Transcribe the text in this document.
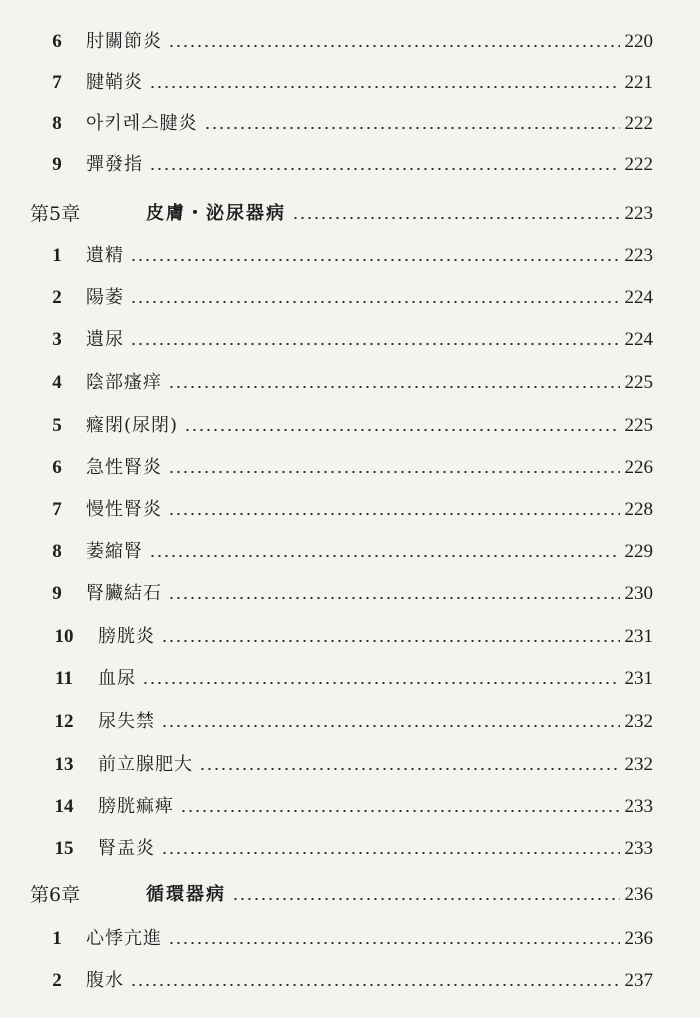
6	肘關節炎	220
7	腱鞘炎	221
8	아키레스腱炎	222
9	彈發指	222
第5章	皮膚・泌尿器病	223
1	遺精	223
2	陽萎	224
3	遺尿	224
4	陰部瘙痒	225
5	癃閉(尿閉)	225
6	急性腎炎	226
7	慢性腎炎	228
8	萎縮腎	229
9	腎臟結石	230
10	膀胱炎	231
11	血尿	231
12	尿失禁	232
13	前立腺肥大	232
14	膀胱痲痺	233
15	腎盂炎	233
第6章	循環器病	236
1	心悸亢進	236
2	腹水	237
